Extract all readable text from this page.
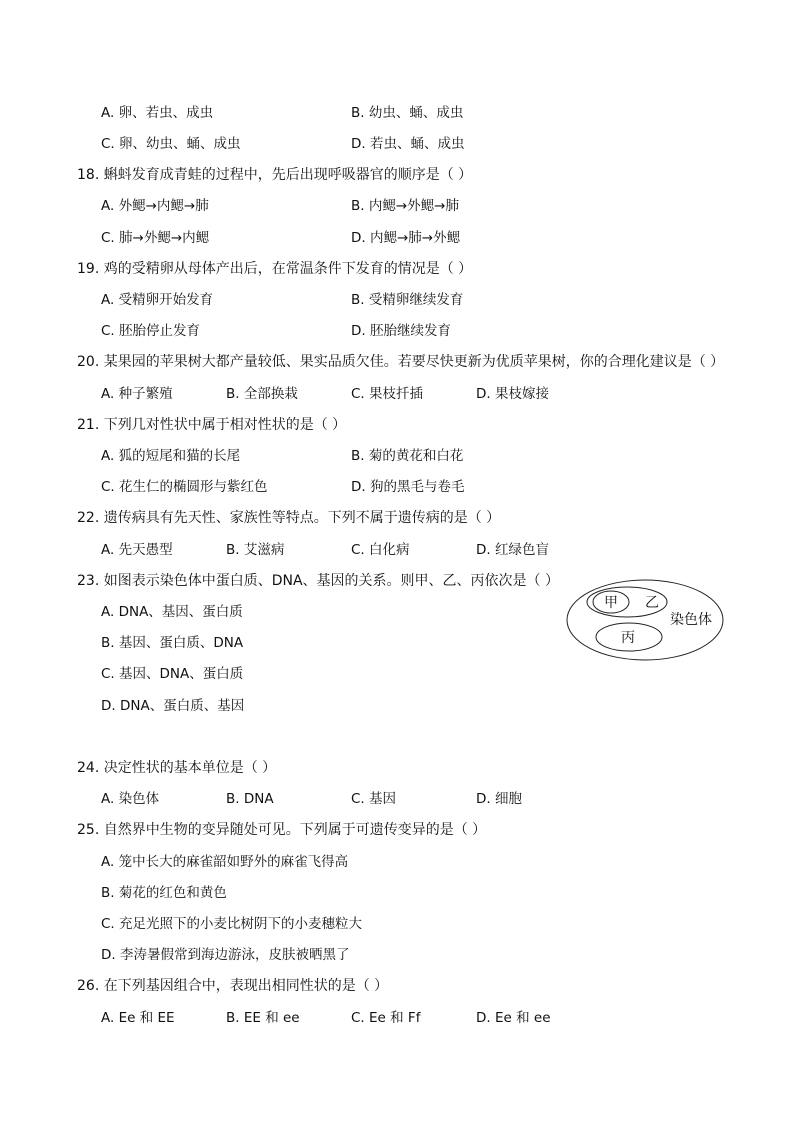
A. 卵、若虫、成虫	B. 幼虫、蛹、成虫
C. 卵、幼虫、蛹、成虫	D. 若虫、蛹、成虫
18. 蝌蚪发育成青蛙的过程中，先后出现呼吸器官的顺序是（ ）
A. 外鳃→内鳃→肺	B. 内鳃→外鳃→肺
C. 肺→外鳃→内鳃	D. 内鳃→肺→外鳃
19. 鸡的受精卵从母体产出后，在常温条件下发育的情况是（ ）
A. 受精卵开始发育	B. 受精卵继续发育
C. 胚胎停止发育	D. 胚胎继续发育
20. 某果园的苹果树大都产量较低、果实品质欠佳。若要尽快更新为优质苹果树，你的合理化建议是（ ）
A. 种子繁殖	B. 全部换栽	C. 果枝扦插	D. 果枝嫁接
21. 下列几对性状中属于相对性状的是（ ）
A. 狐的短尾和猫的长尾	B. 菊的黄花和白花
C. 花生仁的椭圆形与紫红色	D. 狗的黑毛与卷毛
22. 遗传病具有先天性、家族性等特点。下列不属于遗传病的是（ ）
A. 先天愚型	B. 艾滋病	C. 白化病	D. 红绿色盲
23. 如图表示染色体中蛋白质、DNA、基因的关系。则甲、乙、丙依次是（ ）
A. DNA、基因、蛋白质
B. 基因、蛋白质、DNA
C. 基因、DNA、蛋白质
D. DNA、蛋白质、基因
甲 乙
丙
染色体
24. 决定性状的基本单位是（ ）
A. 染色体	B. DNA	C. 基因	D. 细胞
25. 自然界中生物的变异随处可见。下列属于可遗传变异的是（ ）
A. 笼中长大的麻雀韶如野外的麻雀飞得高
B. 菊花的红色和黄色
C. 充足光照下的小麦比树阴下的小麦穗粒大
D. 李涛暑假常到海边游泳，皮肤被晒黑了
26. 在下列基因组合中，表现出相同性状的是（ ）
A. Ee 和 EE	B. EE 和 ee	C. Ee 和 Ff	D. Ee 和 ee
